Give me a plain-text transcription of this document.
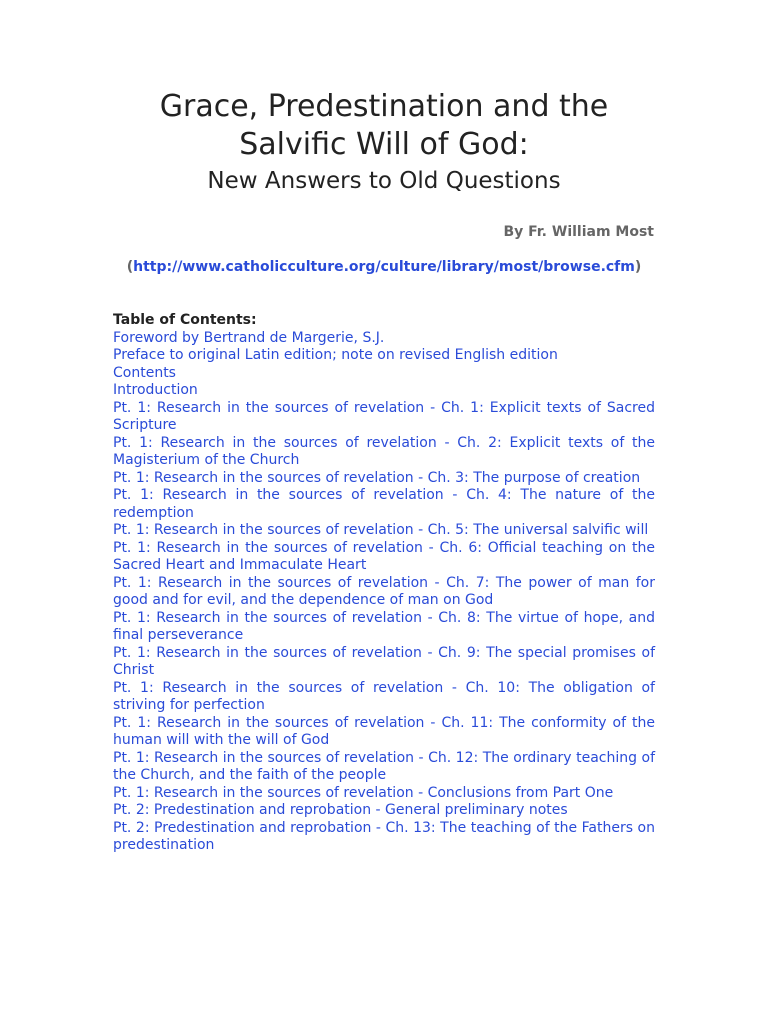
Grace, Predestination and the
Salvific Will of God:
New Answers to Old Questions
By Fr. William Most
(http://www.catholicculture.org/culture/library/most/browse.cfm)

Table of Contents:

Foreword by Bertrand de Margerie, S.J.
Preface to original Latin edition; note on revised English edition
Contents
Introduction
Pt. 1: Research in the sources of revelation - Ch. 1: Explicit texts of Sacred Scripture
Pt. 1: Research in the sources of revelation - Ch. 2: Explicit texts of the Magisterium of the Church
Pt. 1: Research in the sources of revelation - Ch. 3: The purpose of creation
Pt. 1: Research in the sources of revelation - Ch. 4: The nature of the redemption
Pt. 1: Research in the sources of revelation - Ch. 5: The universal salvific will
Pt. 1: Research in the sources of revelation - Ch. 6: Official teaching on the Sacred Heart and Immaculate Heart
Pt. 1: Research in the sources of revelation - Ch. 7: The power of man for good and for evil, and the dependence of man on God
Pt. 1: Research in the sources of revelation - Ch. 8: The virtue of hope, and final perseverance
Pt. 1: Research in the sources of revelation - Ch. 9: The special promises of Christ
Pt. 1: Research in the sources of revelation - Ch. 10: The obligation of striving for perfection
Pt. 1: Research in the sources of revelation - Ch. 11: The conformity of the human will with the will of God
Pt. 1: Research in the sources of revelation - Ch. 12: The ordinary teaching of the Church, and the faith of the people
Pt. 1: Research in the sources of revelation - Conclusions from Part One
Pt. 2: Predestination and reprobation - General preliminary notes
Pt. 2: Predestination and reprobation - Ch. 13: The teaching of the Fathers on predestination
